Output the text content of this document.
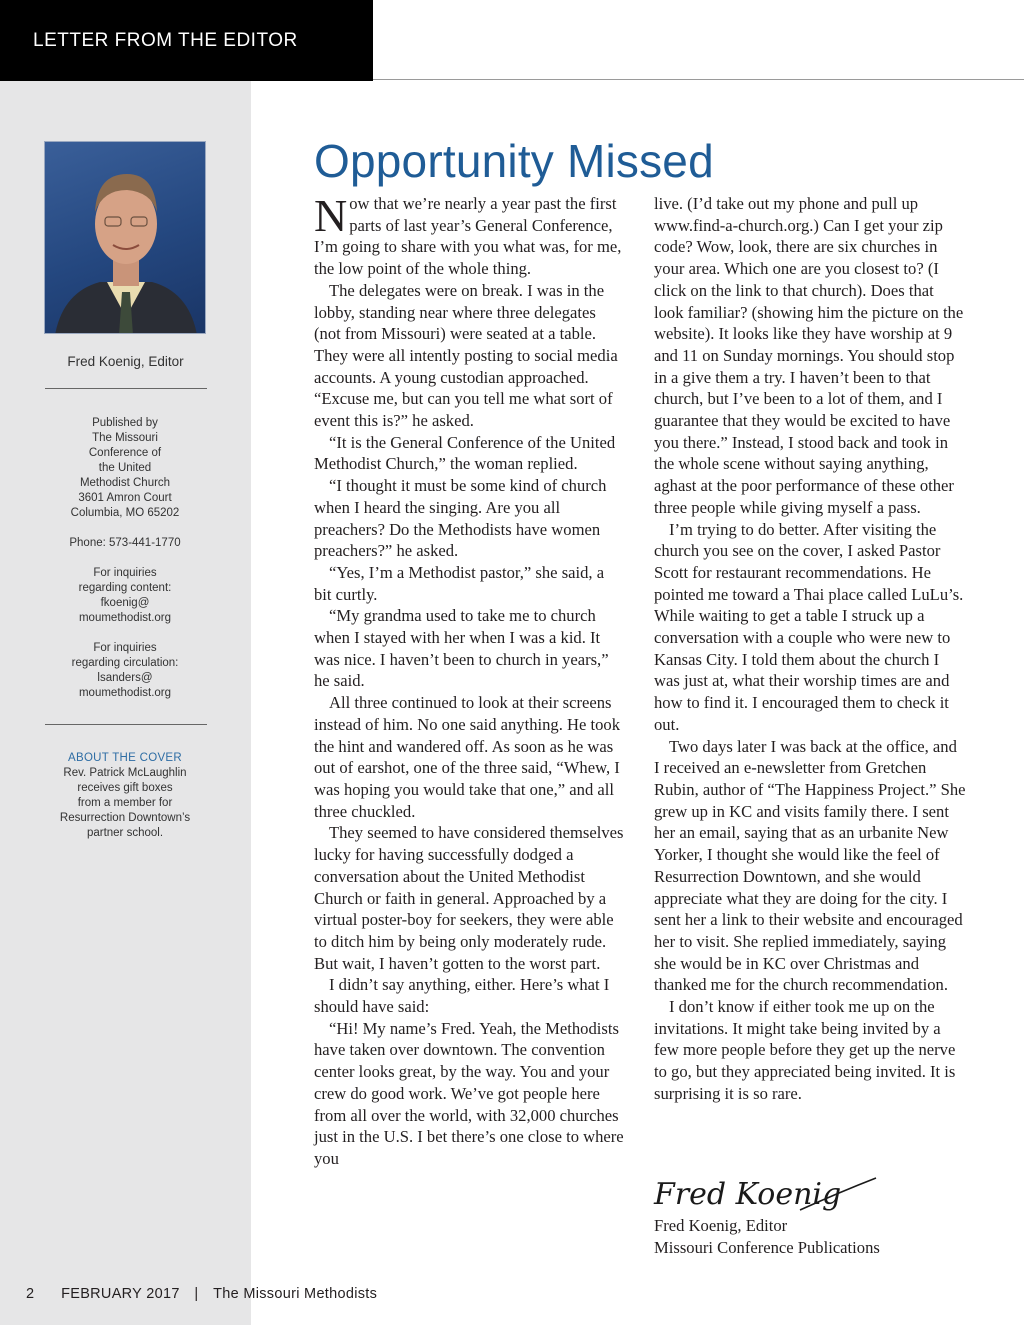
LETTER FROM THE EDITOR
Fred Koenig, Editor

Published by

The Missouri

Conference of

the United

Methodist Church

3601 Amron Court

Columbia, MO 65202

Phone: 573-441-1770

For inquiries

regarding content:

fkoenig@

moumethodist.org

For inquiries

regarding circulation:

lsanders@

moumethodist.org

ABOUT THE COVER
Rev. Patrick McLaughlin
receives gift boxes
from a member for
Resurrection Downtown’s
partner school.
Opportunity Missed

Now that we’re nearly a year past the first parts of last year’s General Conference, I’m going to share with you what was, for me, the low point of the whole thing.

The delegates were on break. I was in the lobby, standing near where three delegates (not from Missouri) were seated at a table. They were all intently posting to social media accounts. A young custodian approached. “Excuse me, but can you tell me what sort of event this is?” he asked.

“It is the General Conference of the United Methodist Church,” the woman replied.

“I thought it must be some kind of church when I heard the singing. Are you all preachers? Do the Methodists have women preachers?” he asked.

“Yes, I’m a Methodist pastor,” she said, a bit curtly.

“My grandma used to take me to church when I stayed with her when I was a kid. It was nice. I haven’t been to church in years,” he said.

All three continued to look at their screens instead of him. No one said anything. He took the hint and wandered off. As soon as he was out of earshot, one of the three said, “Whew, I was hoping you would take that one,” and all three chuckled.

They seemed to have considered themselves lucky for having successfully dodged a conversation about the United Methodist Church or faith in general. Approached by a virtual poster-boy for seekers, they were able to ditch him by being only moderately rude. But wait, I haven’t gotten to the worst part.

I didn’t say anything, either. Here’s what I should have said:

“Hi! My name’s Fred. Yeah, the Methodists have taken over downtown. The convention center looks great, by the way. You and your crew do good work. We’ve got people here from all over the world, with 32,000 churches just in the U.S. I bet there’s one close to where you

live. (I’d take out my phone and pull up www.find-a-church.org.) Can I get your zip code? Wow, look, there are six churches in your area. Which one are you closest to? (I click on the link to that church). Does that look familiar? (showing him the picture on the website). It looks like they have worship at 9 and 11 on Sunday mornings. You should stop in a give them a try. I haven’t been to that church, but I’ve been to a lot of them, and I guarantee that they would be excited to have you there.” Instead, I stood back and took in the whole scene without saying anything, aghast at the poor performance of these other three people while giving myself a pass.

I’m trying to do better. After visiting the church you see on the cover, I asked Pastor Scott for restaurant recommendations. He pointed me toward a Thai place called LuLu’s. While waiting to get a table I struck up a conversation with a couple who were new to Kansas City. I told them about the church I was just at, what their worship times are and how to find it. I encouraged them to check it out.

Two days later I was back at the office, and I received an e-newsletter from Gretchen Rubin, author of “The Happiness Project.” She grew up in KC and visits family there. I sent her an email, saying that as an urbanite New Yorker, I thought she would like the feel of Resurrection Downtown, and she would appreciate what they are doing for the city. I sent her a link to their website and encouraged her to visit. She replied immediately, saying she would be in KC over Christmas and thanked me for the church recommendation.

I don’t know if either took me up on the invitations. It might take being invited by a few more people before they get up the nerve to go, but they appreciated being invited. It is surprising it is so rare.

Fred Koenig
Fred Koenig, Editor
Missouri Conference Publications
2 FEBRUARY 2017 | The Missouri Methodists
